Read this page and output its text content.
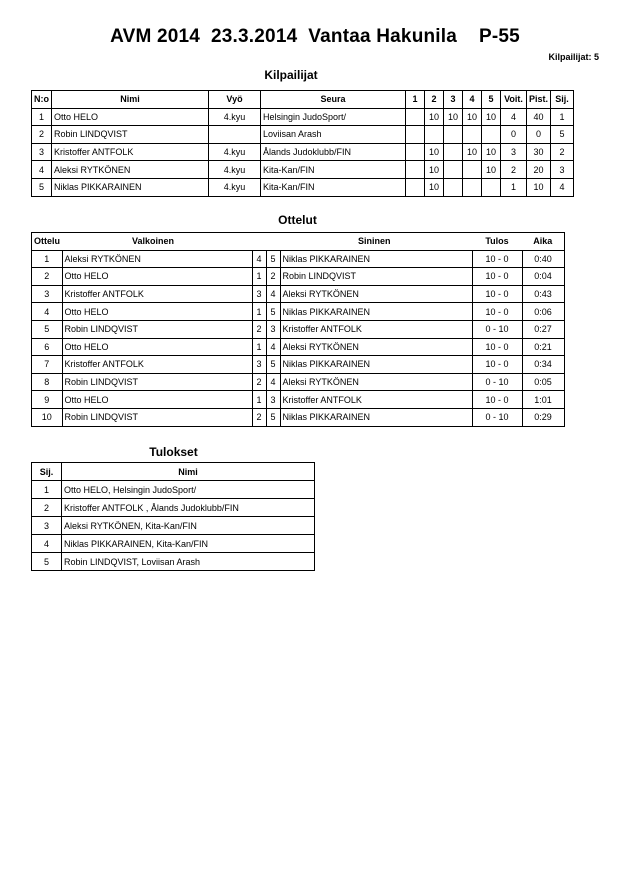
AVM 2014  23.3.2014  Vantaa Hakunila    P-55
Kilpailijat: 5
Kilpailijat
N:o	Nimi	Vyö	Seura	1	2	3	4	5	Voit.	Pist.	Sij.
1	Otto HELO	4.kyu	Helsingin JudoSport/		10	10	10	10	4	40	1
2	Robin LINDQVIST		Loviisan Arash						0	0	5
3	Kristoffer ANTFOLK	4.kyu	Ålands Judoklubb/FIN		10		10	10	3	30	2
4	Aleksi RYTKÖNEN	4.kyu	Kita-Kan/FIN		10			10	2	20	3
5	Niklas PIKKARAINEN	4.kyu	Kita-Kan/FIN		10				1	10	4
Ottelut
Ottelu	Valkoinen			Sininen	Tulos	Aika
1	Aleksi RYTKÖNEN	4	5	Niklas PIKKARAINEN	10 - 0	0:40
2	Otto HELO	1	2	Robin LINDQVIST	10 - 0	0:04
3	Kristoffer ANTFOLK	3	4	Aleksi RYTKÖNEN	10 - 0	0:43
4	Otto HELO	1	5	Niklas PIKKARAINEN	10 - 0	0:06
5	Robin LINDQVIST	2	3	Kristoffer ANTFOLK	0 - 10	0:27
6	Otto HELO	1	4	Aleksi RYTKÖNEN	10 - 0	0:21
7	Kristoffer ANTFOLK	3	5	Niklas PIKKARAINEN	10 - 0	0:34
8	Robin LINDQVIST	2	4	Aleksi RYTKÖNEN	0 - 10	0:05
9	Otto HELO	1	3	Kristoffer ANTFOLK	10 - 0	1:01
10	Robin LINDQVIST	2	5	Niklas PIKKARAINEN	0 - 10	0:29
Tulokset
Sij.	Nimi
1	Otto HELO, Helsingin JudoSport/
2	Kristoffer ANTFOLK , Ålands Judoklubb/FIN
3	Aleksi RYTKÖNEN, Kita-Kan/FIN
4	Niklas PIKKARAINEN, Kita-Kan/FIN
5	Robin LINDQVIST, Loviisan Arash
